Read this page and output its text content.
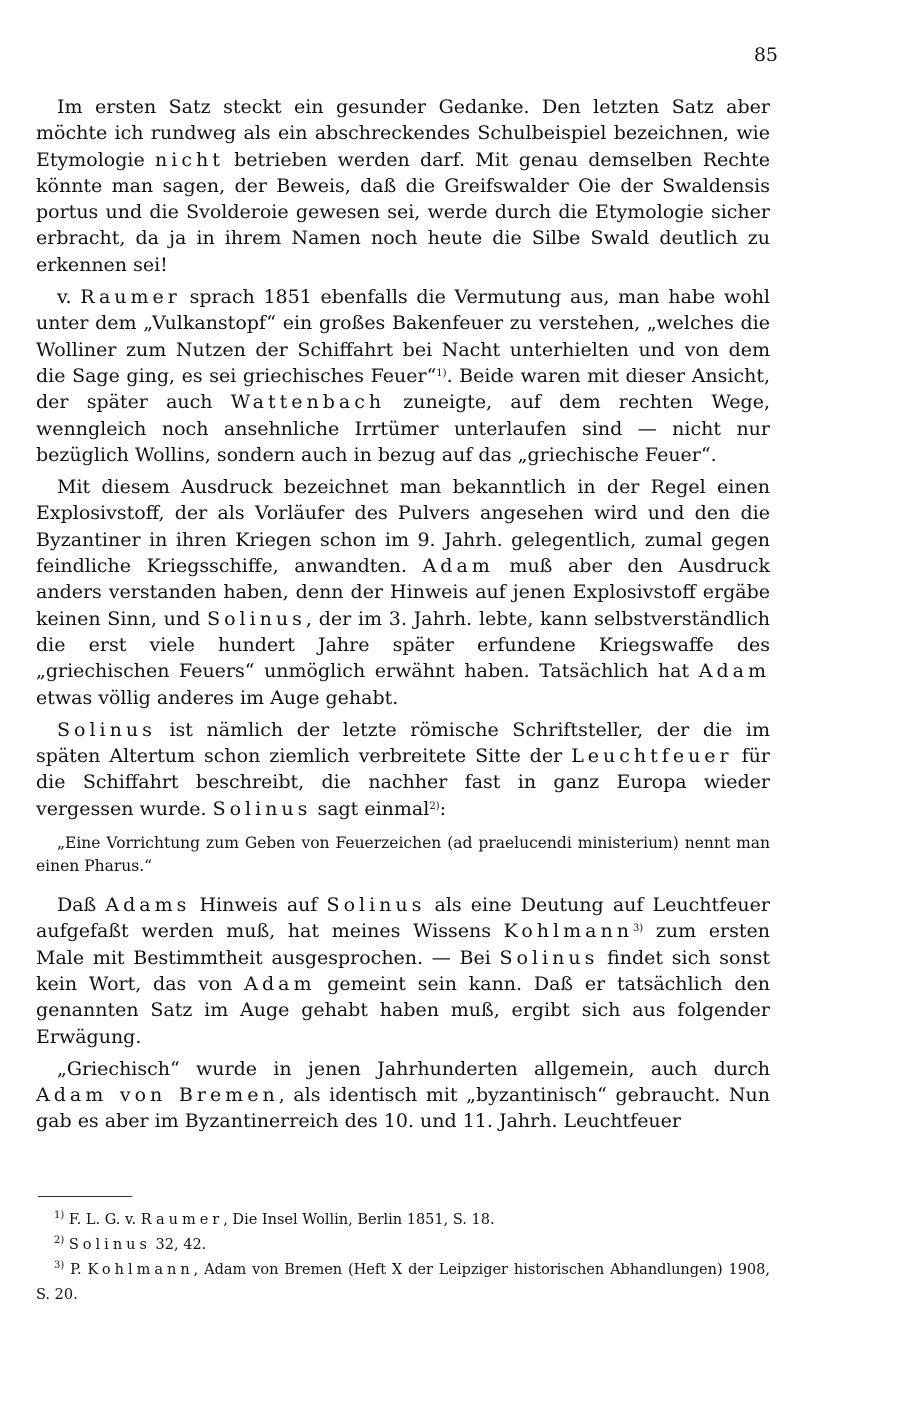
85

Im ersten Satz steckt ein gesunder Gedanke. Den letzten Satz aber möchte ich rundweg als ein abschreckendes Schulbeispiel bezeichnen, wie Etymologie nicht betrieben werden darf. Mit genau demselben Rechte könnte man sagen, der Beweis, daß die Greifswalder Oie der Swaldensis portus und die Svolderoie gewesen sei, werde durch die Etymologie sicher erbracht, da ja in ihrem Namen noch heute die Silbe Swald deutlich zu erkennen sei!

v. Raumer sprach 1851 ebenfalls die Vermutung aus, man habe wohl unter dem „Vulkanstopf“ ein großes Bakenfeuer zu verstehen, „welches die Wolliner zum Nutzen der Schiffahrt bei Nacht unterhielten und von dem die Sage ging, es sei griechisches Feuer“$^{1)}$. Beide waren mit dieser Ansicht, der später auch Wattenbach zuneigte, auf dem rechten Wege, wenngleich noch ansehnliche Irrtümer unterlaufen sind — nicht nur bezüglich Wollins, sondern auch in bezug auf das „griechische Feuer“.

Mit diesem Ausdruck bezeichnet man bekanntlich in der Regel einen Explosivstoff, der als Vorläufer des Pulvers angesehen wird und den die Byzantiner in ihren Kriegen schon im 9. Jahrh. gelegentlich, zumal gegen feindliche Kriegsschiffe, anwandten. Adam muß aber den Ausdruck anders verstanden haben, denn der Hinweis auf jenen Explosivstoff ergäbe keinen Sinn, und Solinus, der im 3. Jahrh. lebte, kann selbstverständlich die erst viele hundert Jahre später erfundene Kriegswaffe des „griechischen Feuers“ unmöglich erwähnt haben. Tatsächlich hat Adam etwas völlig anderes im Auge gehabt.

Solinus ist nämlich der letzte römische Schriftsteller, der die im späten Altertum schon ziemlich verbreitete Sitte der Leuchtfeuer für die Schiffahrt beschreibt, die nachher fast in ganz Europa wieder vergessen wurde. Solinus sagt einmal$^{2)}$:

„Eine Vorrichtung zum Geben von Feuerzeichen (ad praelucendi ministerium) nennt man einen Pharus.“

Daß Adams Hinweis auf Solinus als eine Deutung auf Leuchtfeuer aufgefaßt werden muß, hat meines Wissens Kohlmann$^{3)}$ zum ersten Male mit Bestimmtheit ausgesprochen. — Bei Solinus findet sich sonst kein Wort, das von Adam gemeint sein kann. Daß er tatsächlich den genannten Satz im Auge gehabt haben muß, ergibt sich aus folgender Erwägung.

„Griechisch“ wurde in jenen Jahrhunderten allgemein, auch durch Adam von Bremen, als identisch mit „byzantinisch“ gebraucht. Nun gab es aber im Byzantinerreich des 10. und 11. Jahrh. Leuchtfeuer

$^{1)}$ F. L. G. v. Raumer, Die Insel Wollin, Berlin 1851, S. 18.

$^{2)}$ Solinus 32, 42.

$^{3)}$ P. Kohlmann, Adam von Bremen (Heft X der Leipziger historischen Abhandlungen) 1908, S. 20.
